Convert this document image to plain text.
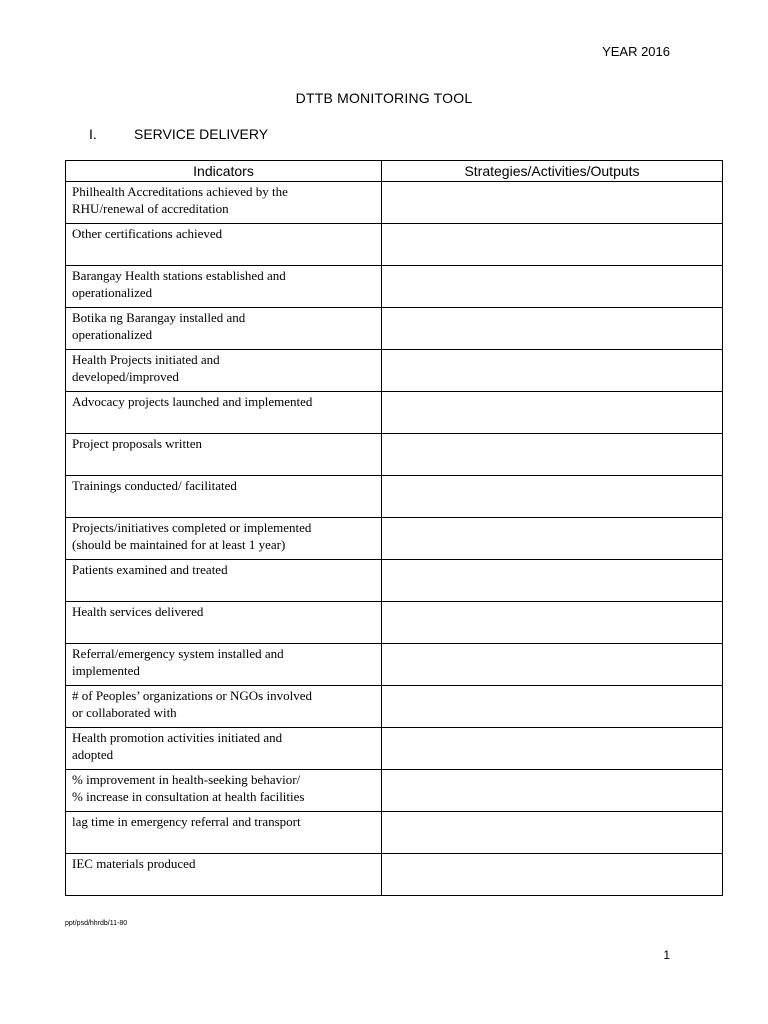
YEAR 2016
DTTB MONITORING TOOL
I.	SERVICE DELIVERY
Indicators	Strategies/Activities/Outputs

Philhealth Accreditations achieved by the
RHU/renewal of accreditation	

Other certifications achieved	

Barangay Health stations established and
operationalized	

Botika ng Barangay installed and
operationalized	

Health Projects initiated and
developed/improved	

Advocacy projects launched and implemented	

Project proposals written	

Trainings conducted/ facilitated	

Projects/initiatives completed or implemented
(should be maintained for at least 1 year)	

Patients examined and treated	

Health services delivered	

Referral/emergency system installed and
implemented	

# of Peoples’ organizations or NGOs involved
or collaborated with	

Health promotion activities initiated and
adopted	

% improvement in health-seeking behavior/
% increase in consultation at health facilities	

lag time in emergency referral and transport	

IEC materials produced	

ppt/psd/hhrdb/11-80
1
